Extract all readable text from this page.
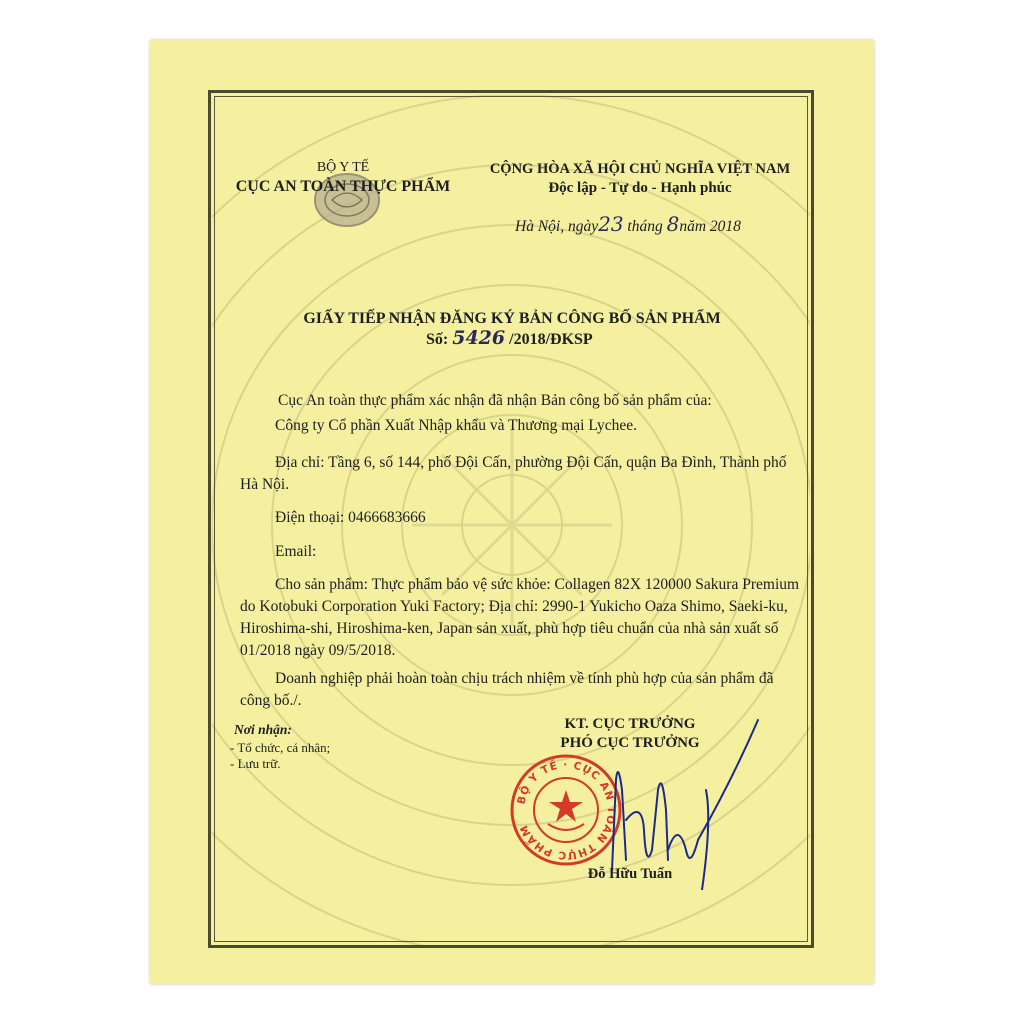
BỘ Y TẾ
CỤC AN TOÀN THỰC PHẨM
CỘNG HÒA XÃ HỘI CHỦ NGHĨA VIỆT NAM
Độc lập - Tự do - Hạnh phúc
Hà Nội, ngày23 tháng 8năm 2018
GIẤY TIẾP NHẬN ĐĂNG KÝ BẢN CÔNG BỐ SẢN PHẨM
Số: 5426 /2018/ĐKSP
Cục An toàn thực phẩm xác nhận đã nhận Bản công bố sản phẩm của:
Công ty Cổ phần Xuất Nhập khẩu và Thương mại Lychee.
Địa chỉ: Tầng 6, số 144, phố Đội Cấn, phường Đội Cấn, quận Ba Đình, Thành phố Hà Nội.
Điện thoại: 0466683666
Email:
Cho sản phẩm: Thực phẩm bảo vệ sức khỏe: Collagen 82X 120000 Sakura Premium do Kotobuki Corporation Yuki Factory; Địa chỉ: 2990-1 Yukicho Oaza Shimo, Saeki-ku, Hiroshima-shi, Hiroshima-ken, Japan sản xuất, phù hợp tiêu chuẩn của nhà sản xuất số 01/2018 ngày 09/5/2018.
Doanh nghiệp phải hoàn toàn chịu trách nhiệm về tính phù hợp của sản phẩm đã công bố./.
Nơi nhận:
- Tổ chức, cá nhân;
- Lưu trữ.
KT. CỤC TRƯỞNG
PHÓ CỤC TRƯỞNG
BỘ Y TẾ · CỤC AN TOÀN THỰC PHẨM
Đỗ Hữu Tuấn
